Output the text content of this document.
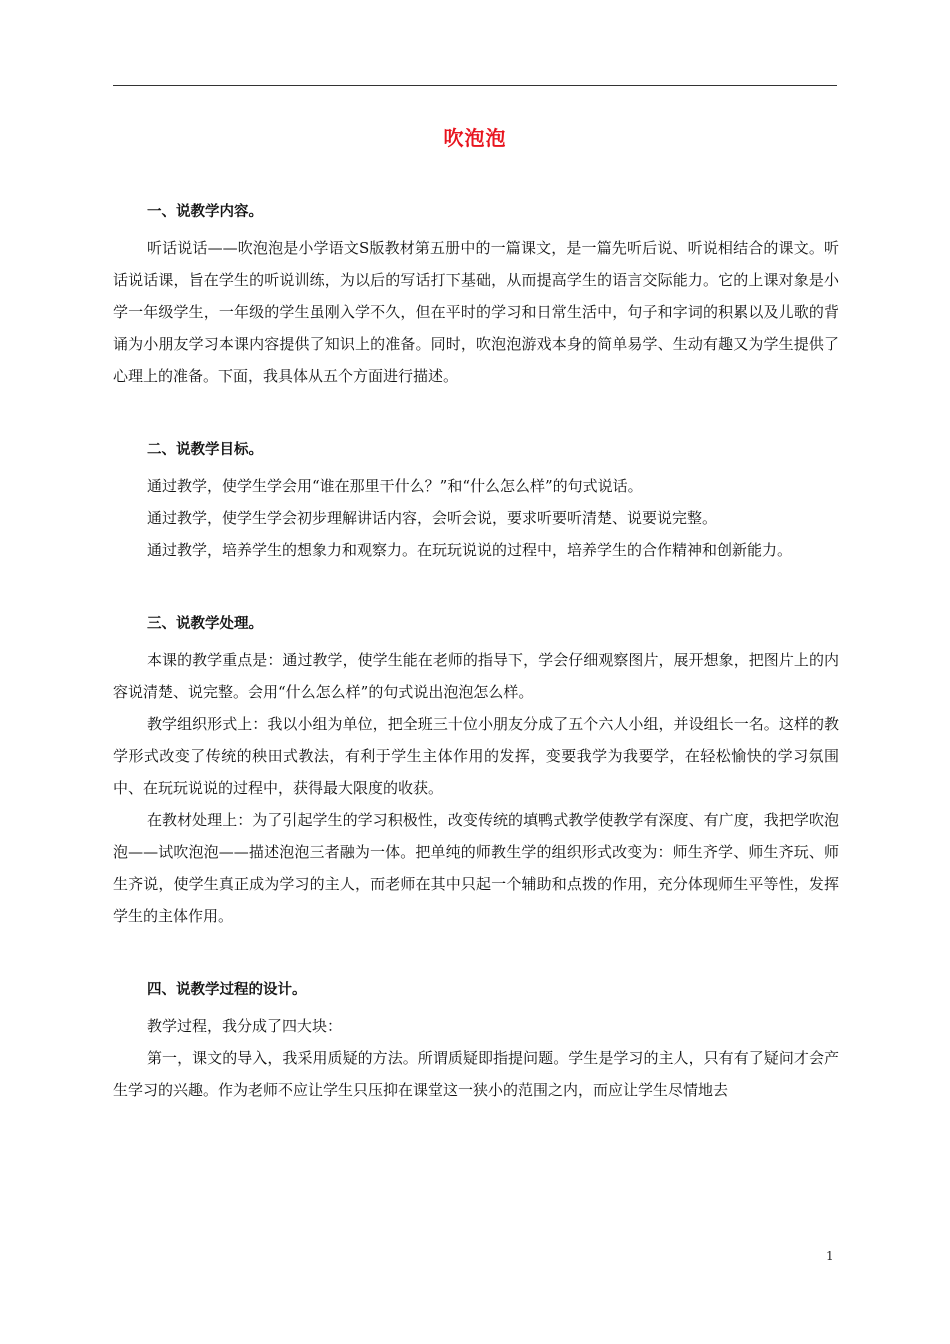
吹泡泡

一、说教学内容。

听话说话——吹泡泡是小学语文S版教材第五册中的一篇课文，是一篇先听后说、听说相结合的课文。听话说话课，旨在学生的听说训练，为以后的写话打下基础，从而提高学生的语言交际能力。它的上课对象是小学一年级学生，一年级的学生虽刚入学不久，但在平时的学习和日常生活中，句子和字词的积累以及儿歌的背诵为小朋友学习本课内容提供了知识上的准备。同时，吹泡泡游戏本身的简单易学、生动有趣又为学生提供了心理上的准备。下面，我具体从五个方面进行描述。

二、说教学目标。

通过教学，使学生学会用“谁在那里干什么？”和“什么怎么样”的句式说话。

通过教学，使学生学会初步理解讲话内容，会听会说，要求听要听清楚、说要说完整。

通过教学，培养学生的想象力和观察力。在玩玩说说的过程中，培养学生的合作精神和创新能力。

三、说教学处理。

本课的教学重点是：通过教学，使学生能在老师的指导下，学会仔细观察图片，展开想象，把图片上的内容说清楚、说完整。会用“什么怎么样”的句式说出泡泡怎么样。

教学组织形式上：我以小组为单位，把全班三十位小朋友分成了五个六人小组，并设组长一名。这样的教学形式改变了传统的秧田式教法，有利于学生主体作用的发挥，变要我学为我要学，在轻松愉快的学习氛围中、在玩玩说说的过程中，获得最大限度的收获。

在教材处理上：为了引起学生的学习积极性，改变传统的填鸭式教学使教学有深度、有广度，我把学吹泡泡——试吹泡泡——描述泡泡三者融为一体。把单纯的师教生学的组织形式改变为：师生齐学、师生齐玩、师生齐说，使学生真正成为学习的主人，而老师在其中只起一个辅助和点拨的作用，充分体现师生平等性，发挥学生的主体作用。

四、说教学过程的设计。

教学过程，我分成了四大块：

第一，课文的导入，我采用质疑的方法。所谓质疑即指提问题。学生是学习的主人，只有有了疑问才会产生学习的兴趣。作为老师不应让学生只压抑在课堂这一狭小的范围之内，而应让学生尽情地去

1
